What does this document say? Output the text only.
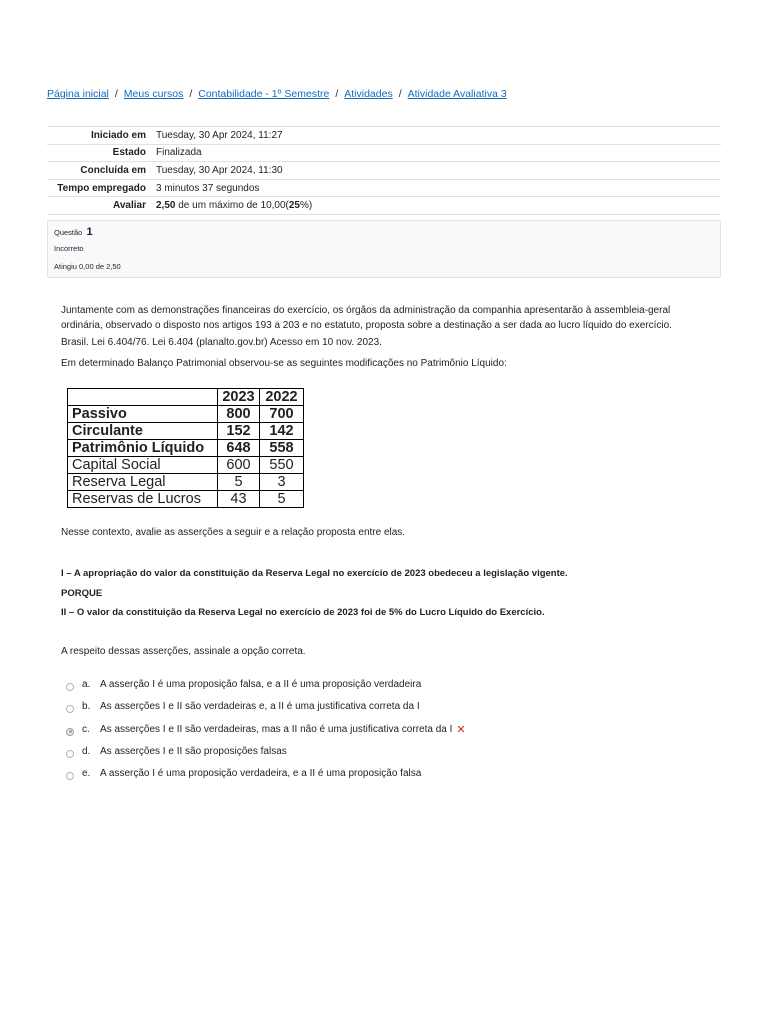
Página inicial / Meus cursos / Contabilidade - 1º Semestre / Atividades / Atividade Avaliativa 3
Iniciado em	Tuesday, 30 Apr 2024, 11:27
Estado	Finalizada
Concluída em	Tuesday, 30 Apr 2024, 11:30
Tempo empregado	3 minutos 37 segundos
Avaliar	2,50 de um máximo de 10,00(25%)
Questão 1
Incorreto
Atingiu 0,00 de 2,50
Juntamente com as demonstrações financeiras do exercício, os órgãos da administração da companhia apresentarão à assembleia-geral ordinária, observado o disposto nos artigos 193 a 203 e no estatuto, proposta sobre a destinação a ser dada ao lucro líquido do exercício.
Brasil. Lei 6.404/76. Lei 6.404 (planalto.gov.br) Acesso em 10 nov. 2023.
Em determinado Balanço Patrimonial observou-se as seguintes modificações no Patrimônio Líquido:
	2023	2022
Passivo	800	700
Circulante	152	142
Patrimônio Líquido	648	558
Capital Social	600	550
Reserva Legal	5	3
Reservas de Lucros	43	5
Nesse contexto, avalie as asserções a seguir e a relação proposta entre elas.
I – A apropriação do valor da constituição da Reserva Legal no exercício de 2023 obedeceu a legislação vigente.
PORQUE
II – O valor da constituição da Reserva Legal no exercício de 2023 foi de 5% do Lucro Líquido do Exercício.
A respeito dessas asserções, assinale a opção correta.
a. A asserção I é uma proposição falsa, e a II é uma proposição verdadeira
b. As asserções I e II são verdadeiras e, a II é uma justificativa correta da I
c.	As asserções I e II são verdadeiras, mas a II não é uma justificativa correta da I ✕
d. As asserções I e II são proposições falsas
e. A asserção I é uma proposição verdadeira, e a II é uma proposição falsa
